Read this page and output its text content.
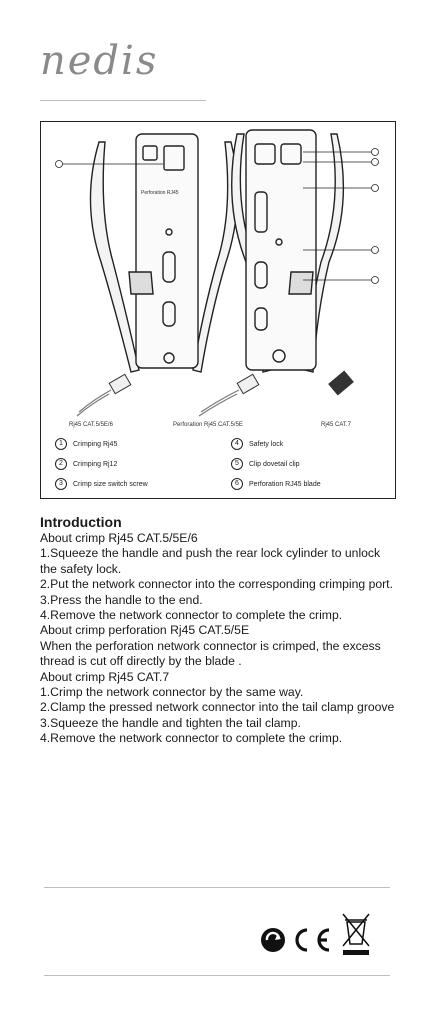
nedis
Perforation RJ45
Rj45 CAT.5/5E/6	Perforation Rj45 CAT.5/5E	Rj45 CAT.7
1	Crimping Rj45
2	Crimping Rj12
3	Crimp size switch screw
4	Safety lock
5	Clip dovetail clip
6	Perforation RJ45 blade
Introduction

About crimp Rj45 CAT.5/5E/6

1.Squeeze the handle and push the rear lock cylinder to unlock the safety lock.

2.Put the network connector into the corresponding crimping port.

3.Press the handle to the end.

4.Remove the network connector to complete the crimp.

About crimp perforation Rj45 CAT.5/5E

When the perforation network connector is crimped, the excess thread is cut off directly by the blade .

About crimp Rj45 CAT.7

1.Crimp the network connector by the same way.

2.Clamp the pressed network connector into the tail clamp groove

3.Squeeze the handle and tighten the tail clamp.

4.Remove the network connector to complete the crimp.
